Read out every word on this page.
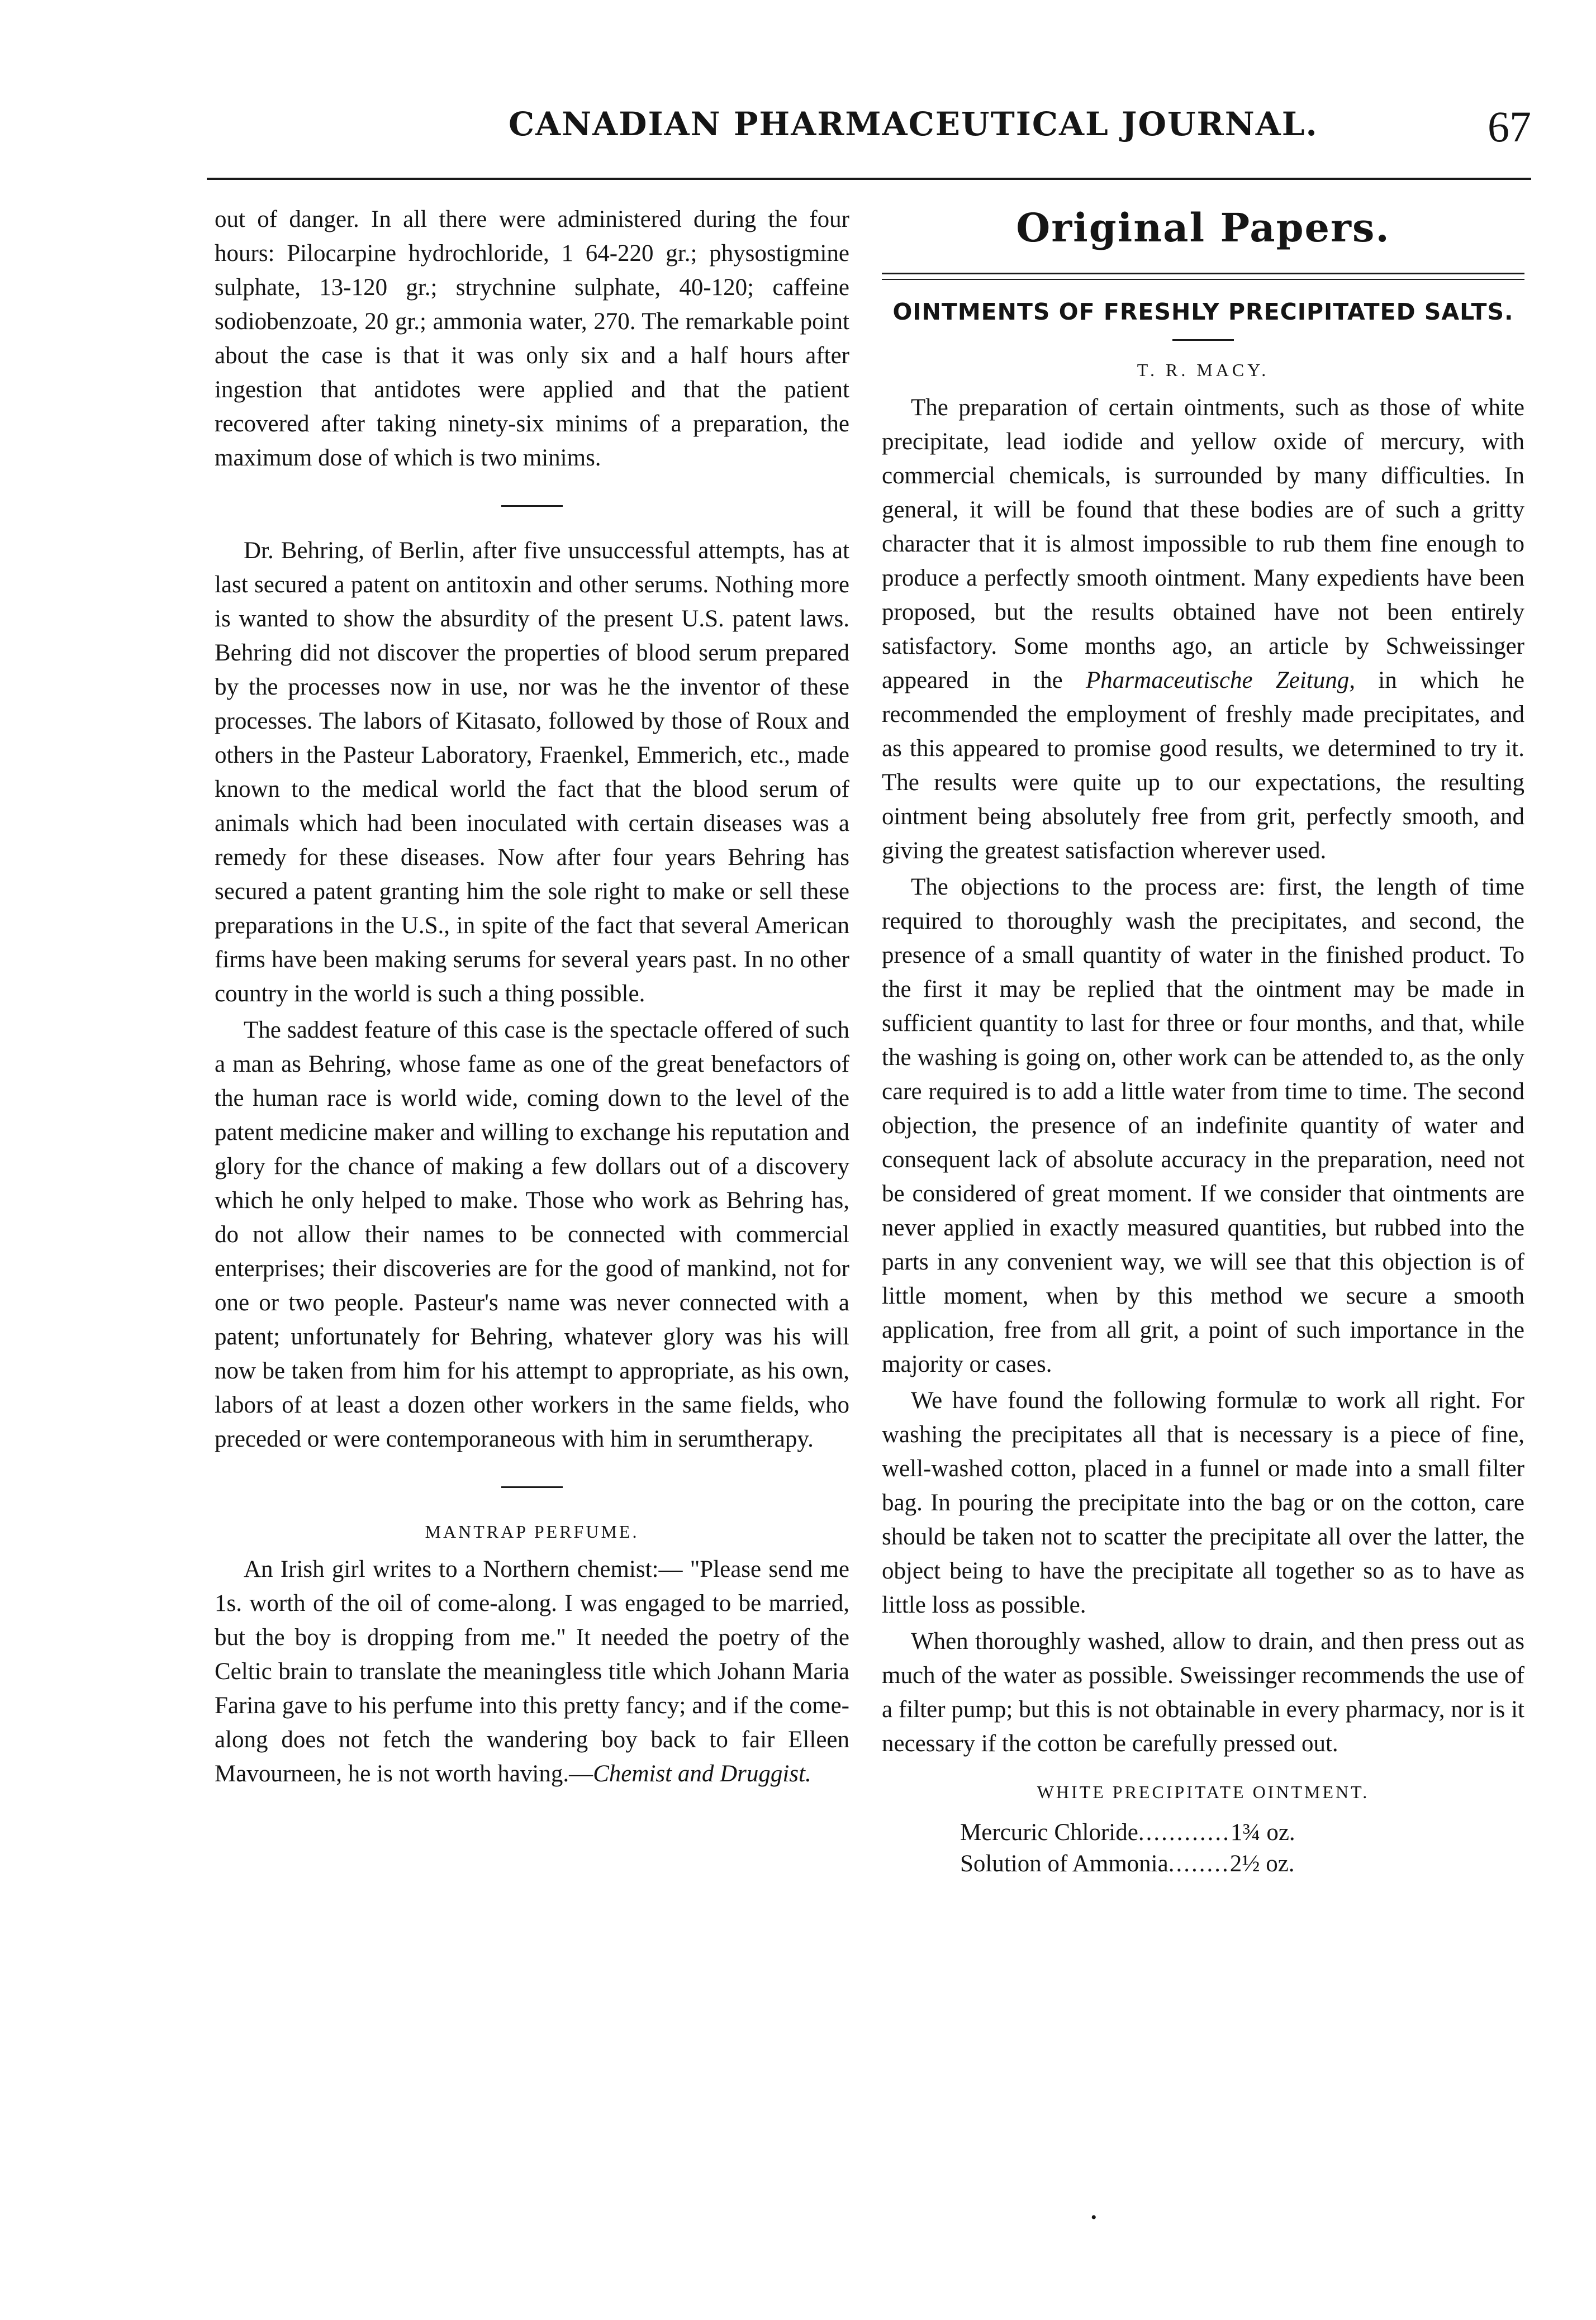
CANADIAN PHARMACEUTICAL JOURNAL.	67

out of danger. In all there were administered during the four hours: Pilocarpine hydrochloride, 1 64-220 gr.; physostigmine sulphate, 13-120 gr.; strychnine sulphate, 40-120; caffeine sodiobenzoate, 20 gr.; ammonia water, 270. The remarkable point about the case is that it was only six and a half hours after ingestion that antidotes were applied and that the patient recovered after taking ninety-six minims of a preparation, the maximum dose of which is two minims.

Dr. Behring, of Berlin, after five unsuccessful attempts, has at last secured a patent on antitoxin and other serums. Nothing more is wanted to show the absurdity of the present U.S. patent laws. Behring did not discover the properties of blood serum prepared by the processes now in use, nor was he the inventor of these processes. The labors of Kitasato, followed by those of Roux and others in the Pasteur Laboratory, Fraenkel, Emmerich, etc., made known to the medical world the fact that the blood serum of animals which had been inoculated with certain diseases was a remedy for these diseases. Now after four years Behring has secured a patent granting him the sole right to make or sell these preparations in the U.S., in spite of the fact that several American firms have been making serums for several years past. In no other country in the world is such a thing possible.

The saddest feature of this case is the spectacle offered of such a man as Behring, whose fame as one of the great benefactors of the human race is world wide, coming down to the level of the patent medicine maker and willing to exchange his reputation and glory for the chance of making a few dollars out of a discovery which he only helped to make. Those who work as Behring has, do not allow their names to be connected with commercial enterprises; their discoveries are for the good of mankind, not for one or two people. Pasteur's name was never connected with a patent; unfortunately for Behring, whatever glory was his will now be taken from him for his attempt to appropriate, as his own, labors of at least a dozen other workers in the same fields, who preceded or were contemporaneous with him in serumtherapy.

MANTRAP PERFUME.

An Irish girl writes to a Northern chemist:— "Please send me 1s. worth of the oil of come-along. I was engaged to be married, but the boy is dropping from me." It needed the poetry of the Celtic brain to translate the meaningless title which Johann Maria Farina gave to his perfume into this pretty fancy; and if the come-along does not fetch the wandering boy back to fair Elleen Mavourneen, he is not worth having.—Chemist and Druggist.

Original Papers.
OINTMENTS OF FRESHLY PRECIPITATED SALTS.
T. R. MACY.

The preparation of certain ointments, such as those of white precipitate, lead iodide and yellow oxide of mercury, with commercial chemicals, is surrounded by many difficulties. In general, it will be found that these bodies are of such a gritty character that it is almost impossible to rub them fine enough to produce a perfectly smooth ointment. Many expedients have been proposed, but the results obtained have not been entirely satisfactory. Some months ago, an article by Schweissinger appeared in the Pharmaceutische Zeitung, in which he recommended the employment of freshly made precipitates, and as this appeared to promise good results, we determined to try it. The results were quite up to our expectations, the resulting ointment being absolutely free from grit, perfectly smooth, and giving the greatest satisfaction wherever used.

The objections to the process are: first, the length of time required to thoroughly wash the precipitates, and second, the presence of a small quantity of water in the finished product. To the first it may be replied that the ointment may be made in sufficient quantity to last for three or four months, and that, while the washing is going on, other work can be attended to, as the only care required is to add a little water from time to time. The second objection, the presence of an indefinite quantity of water and consequent lack of absolute accuracy in the preparation, need not be considered of great moment. If we consider that ointments are never applied in exactly measured quantities, but rubbed into the parts in any convenient way, we will see that this objection is of little moment, when by this method we secure a smooth application, free from all grit, a point of such importance in the majority or cases.

We have found the following formulæ to work all right. For washing the precipitates all that is necessary is a piece of fine, well-washed cotton, placed in a funnel or made into a small filter bag. In pouring the precipitate into the bag or on the cotton, care should be taken not to scatter the precipitate all over the latter, the object being to have the precipitate all together so as to have as little loss as possible.

When thoroughly washed, allow to drain, and then press out as much of the water as possible. Sweissinger recommends the use of a filter pump; but this is not obtainable in every pharmacy, nor is it necessary if the cotton be carefully pressed out.

WHITE PRECIPITATE OINTMENT.
Mercuric Chloride............1¾ oz.
Solution of Ammonia........2½ oz.
•
